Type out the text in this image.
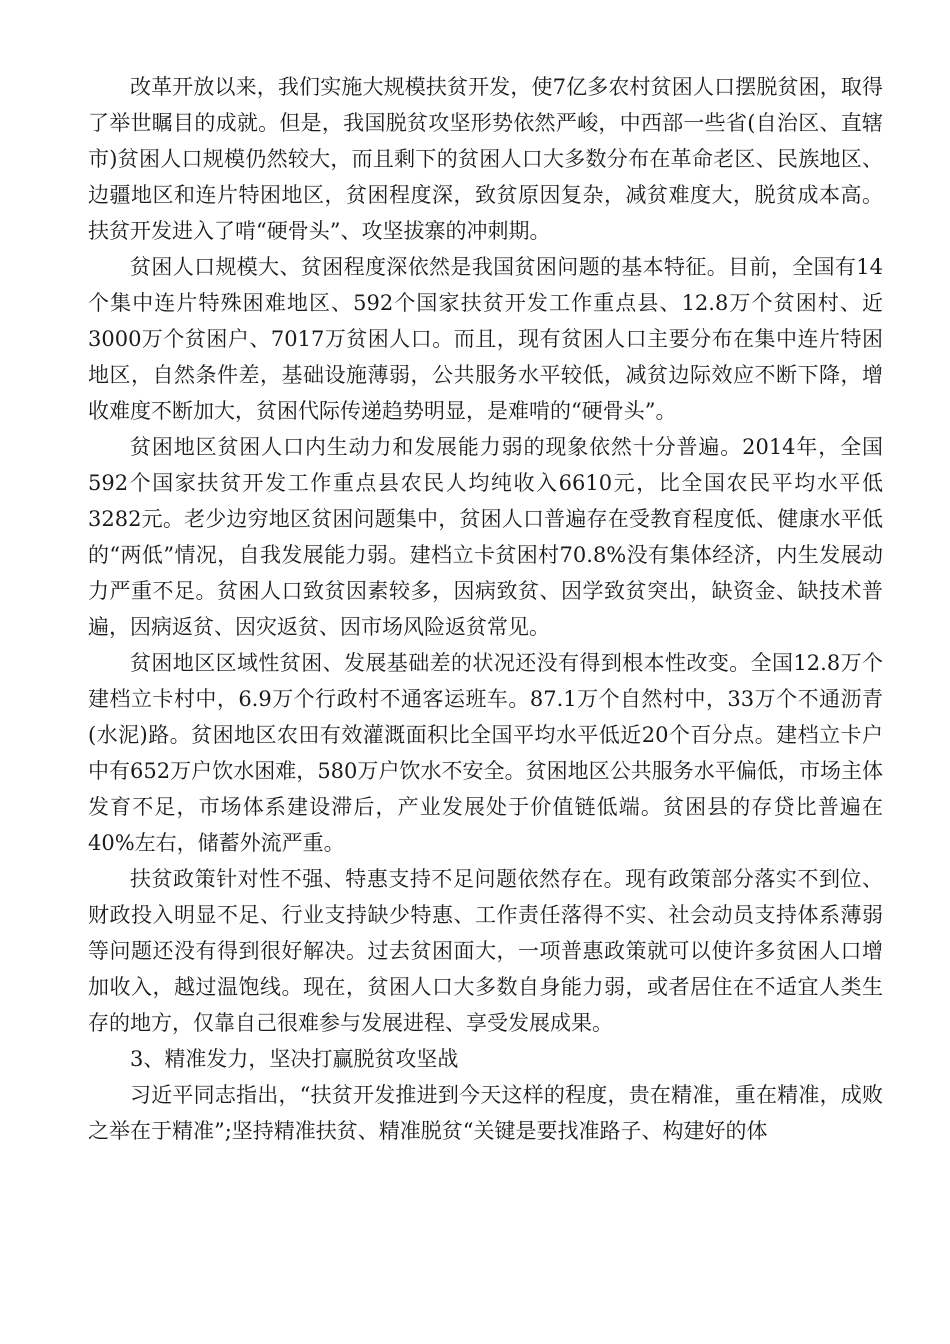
改革开放以来，我们实施大规模扶贫开发，使7亿多农村贫困人口摆脱贫困，取得了举世瞩目的成就。但是，我国脱贫攻坚形势依然严峻，中西部一些省(自治区、直辖市)贫困人口规模仍然较大，而且剩下的贫困人口大多数分布在革命老区、民族地区、边疆地区和连片特困地区，贫困程度深，致贫原因复杂，减贫难度大，脱贫成本高。扶贫开发进入了啃“硬骨头”、攻坚拔寨的冲刺期。

贫困人口规模大、贫困程度深依然是我国贫困问题的基本特征。目前，全国有14个集中连片特殊困难地区、592个国家扶贫开发工作重点县、12.8万个贫困村、近3000万个贫困户、7017万贫困人口。而且，现有贫困人口主要分布在集中连片特困地区，自然条件差，基础设施薄弱，公共服务水平较低，减贫边际效应不断下降，增收难度不断加大，贫困代际传递趋势明显，是难啃的“硬骨头”。

贫困地区贫困人口内生动力和发展能力弱的现象依然十分普遍。2014年，全国592个国家扶贫开发工作重点县农民人均纯收入6610元，比全国农民平均水平低3282元。老少边穷地区贫困问题集中，贫困人口普遍存在受教育程度低、健康水平低的“两低”情况，自我发展能力弱。建档立卡贫困村70.8%没有集体经济，内生发展动力严重不足。贫困人口致贫因素较多，因病致贫、因学致贫突出，缺资金、缺技术普遍，因病返贫、因灾返贫、因市场风险返贫常见。

贫困地区区域性贫困、发展基础差的状况还没有得到根本性改变。全国12.8万个建档立卡村中，6.9万个行政村不通客运班车。87.1万个自然村中，33万个不通沥青(水泥)路。贫困地区农田有效灌溉面积比全国平均水平低近20个百分点。建档立卡户中有652万户饮水困难，580万户饮水不安全。贫困地区公共服务水平偏低，市场主体发育不足，市场体系建设滞后，产业发展处于价值链低端。贫困县的存贷比普遍在40%左右，储蓄外流严重。

扶贫政策针对性不强、特惠支持不足问题依然存在。现有政策部分落实不到位、财政投入明显不足、行业支持缺少特惠、工作责任落得不实、社会动员支持体系薄弱等问题还没有得到很好解决。过去贫困面大，一项普惠政策就可以使许多贫困人口增加收入，越过温饱线。现在，贫困人口大多数自身能力弱，或者居住在不适宜人类生存的地方，仅靠自己很难参与发展进程、享受发展成果。

3、精准发力，坚决打赢脱贫攻坚战

习近平同志指出，“扶贫开发推进到今天这样的程度，贵在精准，重在精准，成败之举在于精准”;坚持精准扶贫、精准脱贫“关键是要找准路子、构建好的体
